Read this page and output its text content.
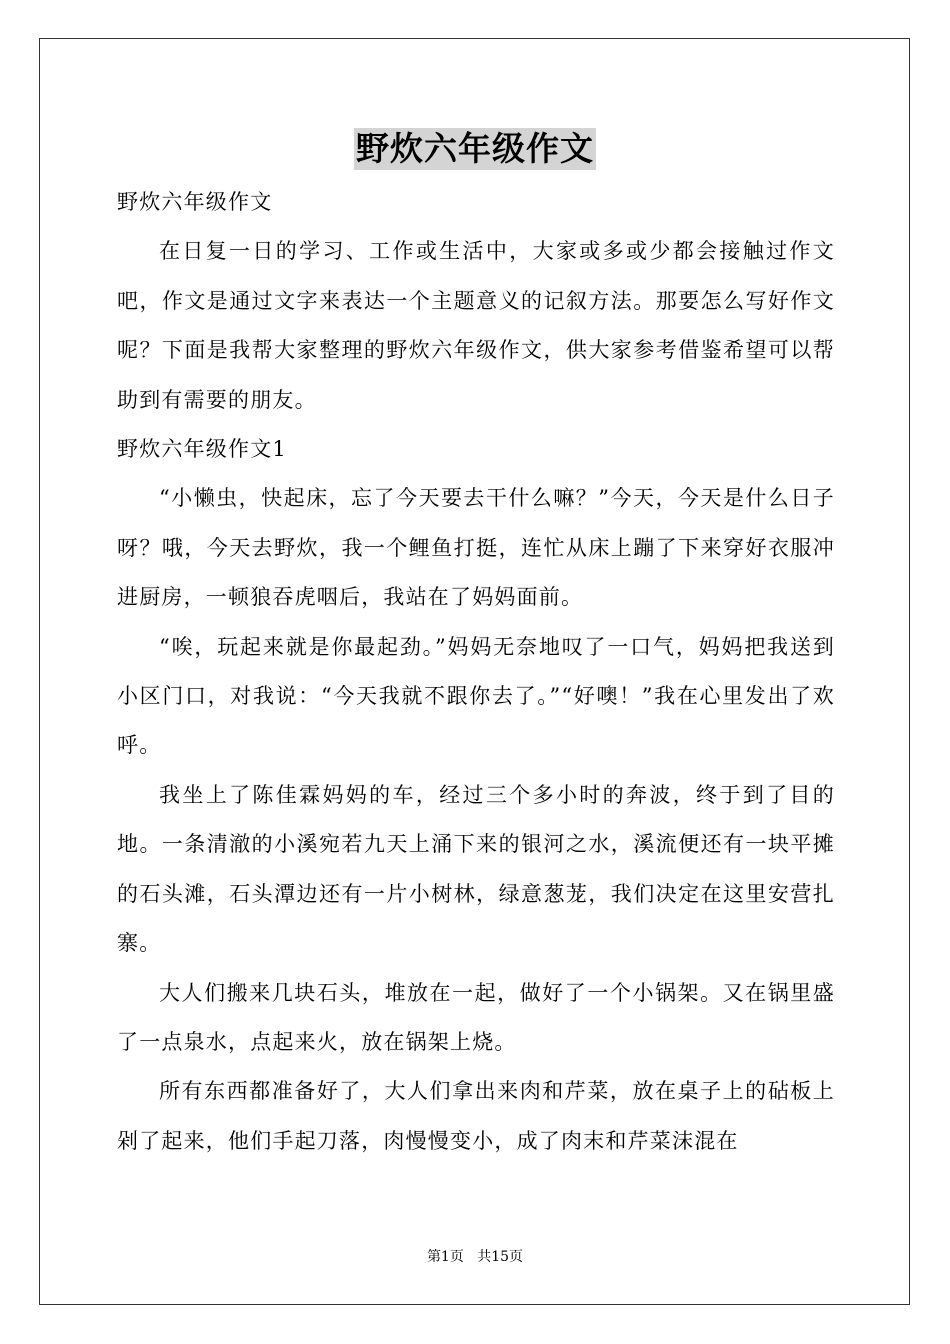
野炊六年级作文

野炊六年级作文

在日复一日的学习、工作或生活中，大家或多或少都会接触过作文吧，作文是通过文字来表达一个主题意义的记叙方法。那要怎么写好作文呢？下面是我帮大家整理的野炊六年级作文，供大家参考借鉴希望可以帮助到有需要的朋友。

野炊六年级作文1

“小懒虫，快起床，忘了今天要去干什么嘛？”今天，今天是什么日子呀？哦，今天去野炊，我一个鲤鱼打挺，连忙从床上蹦了下来穿好衣服冲进厨房，一顿狼吞虎咽后，我站在了妈妈面前。

“唉，玩起来就是你最起劲。”妈妈无奈地叹了一口气，妈妈把我送到小区门口，对我说：“今天我就不跟你去了。”“好噢！”我在心里发出了欢呼。

我坐上了陈佳霖妈妈的车，经过三个多小时的奔波，终于到了目的地。一条清澈的小溪宛若九天上涌下来的银河之水，溪流便还有一块平摊的石头滩，石头潭边还有一片小树林，绿意葱茏，我们决定在这里安营扎寨。

大人们搬来几块石头，堆放在一起，做好了一个小锅架。又在锅里盛了一点泉水，点起来火，放在锅架上烧。

所有东西都准备好了，大人们拿出来肉和芹菜，放在桌子上的砧板上剁了起来，他们手起刀落，肉慢慢变小，成了肉末和芹菜沫混在

第1页 共15页
